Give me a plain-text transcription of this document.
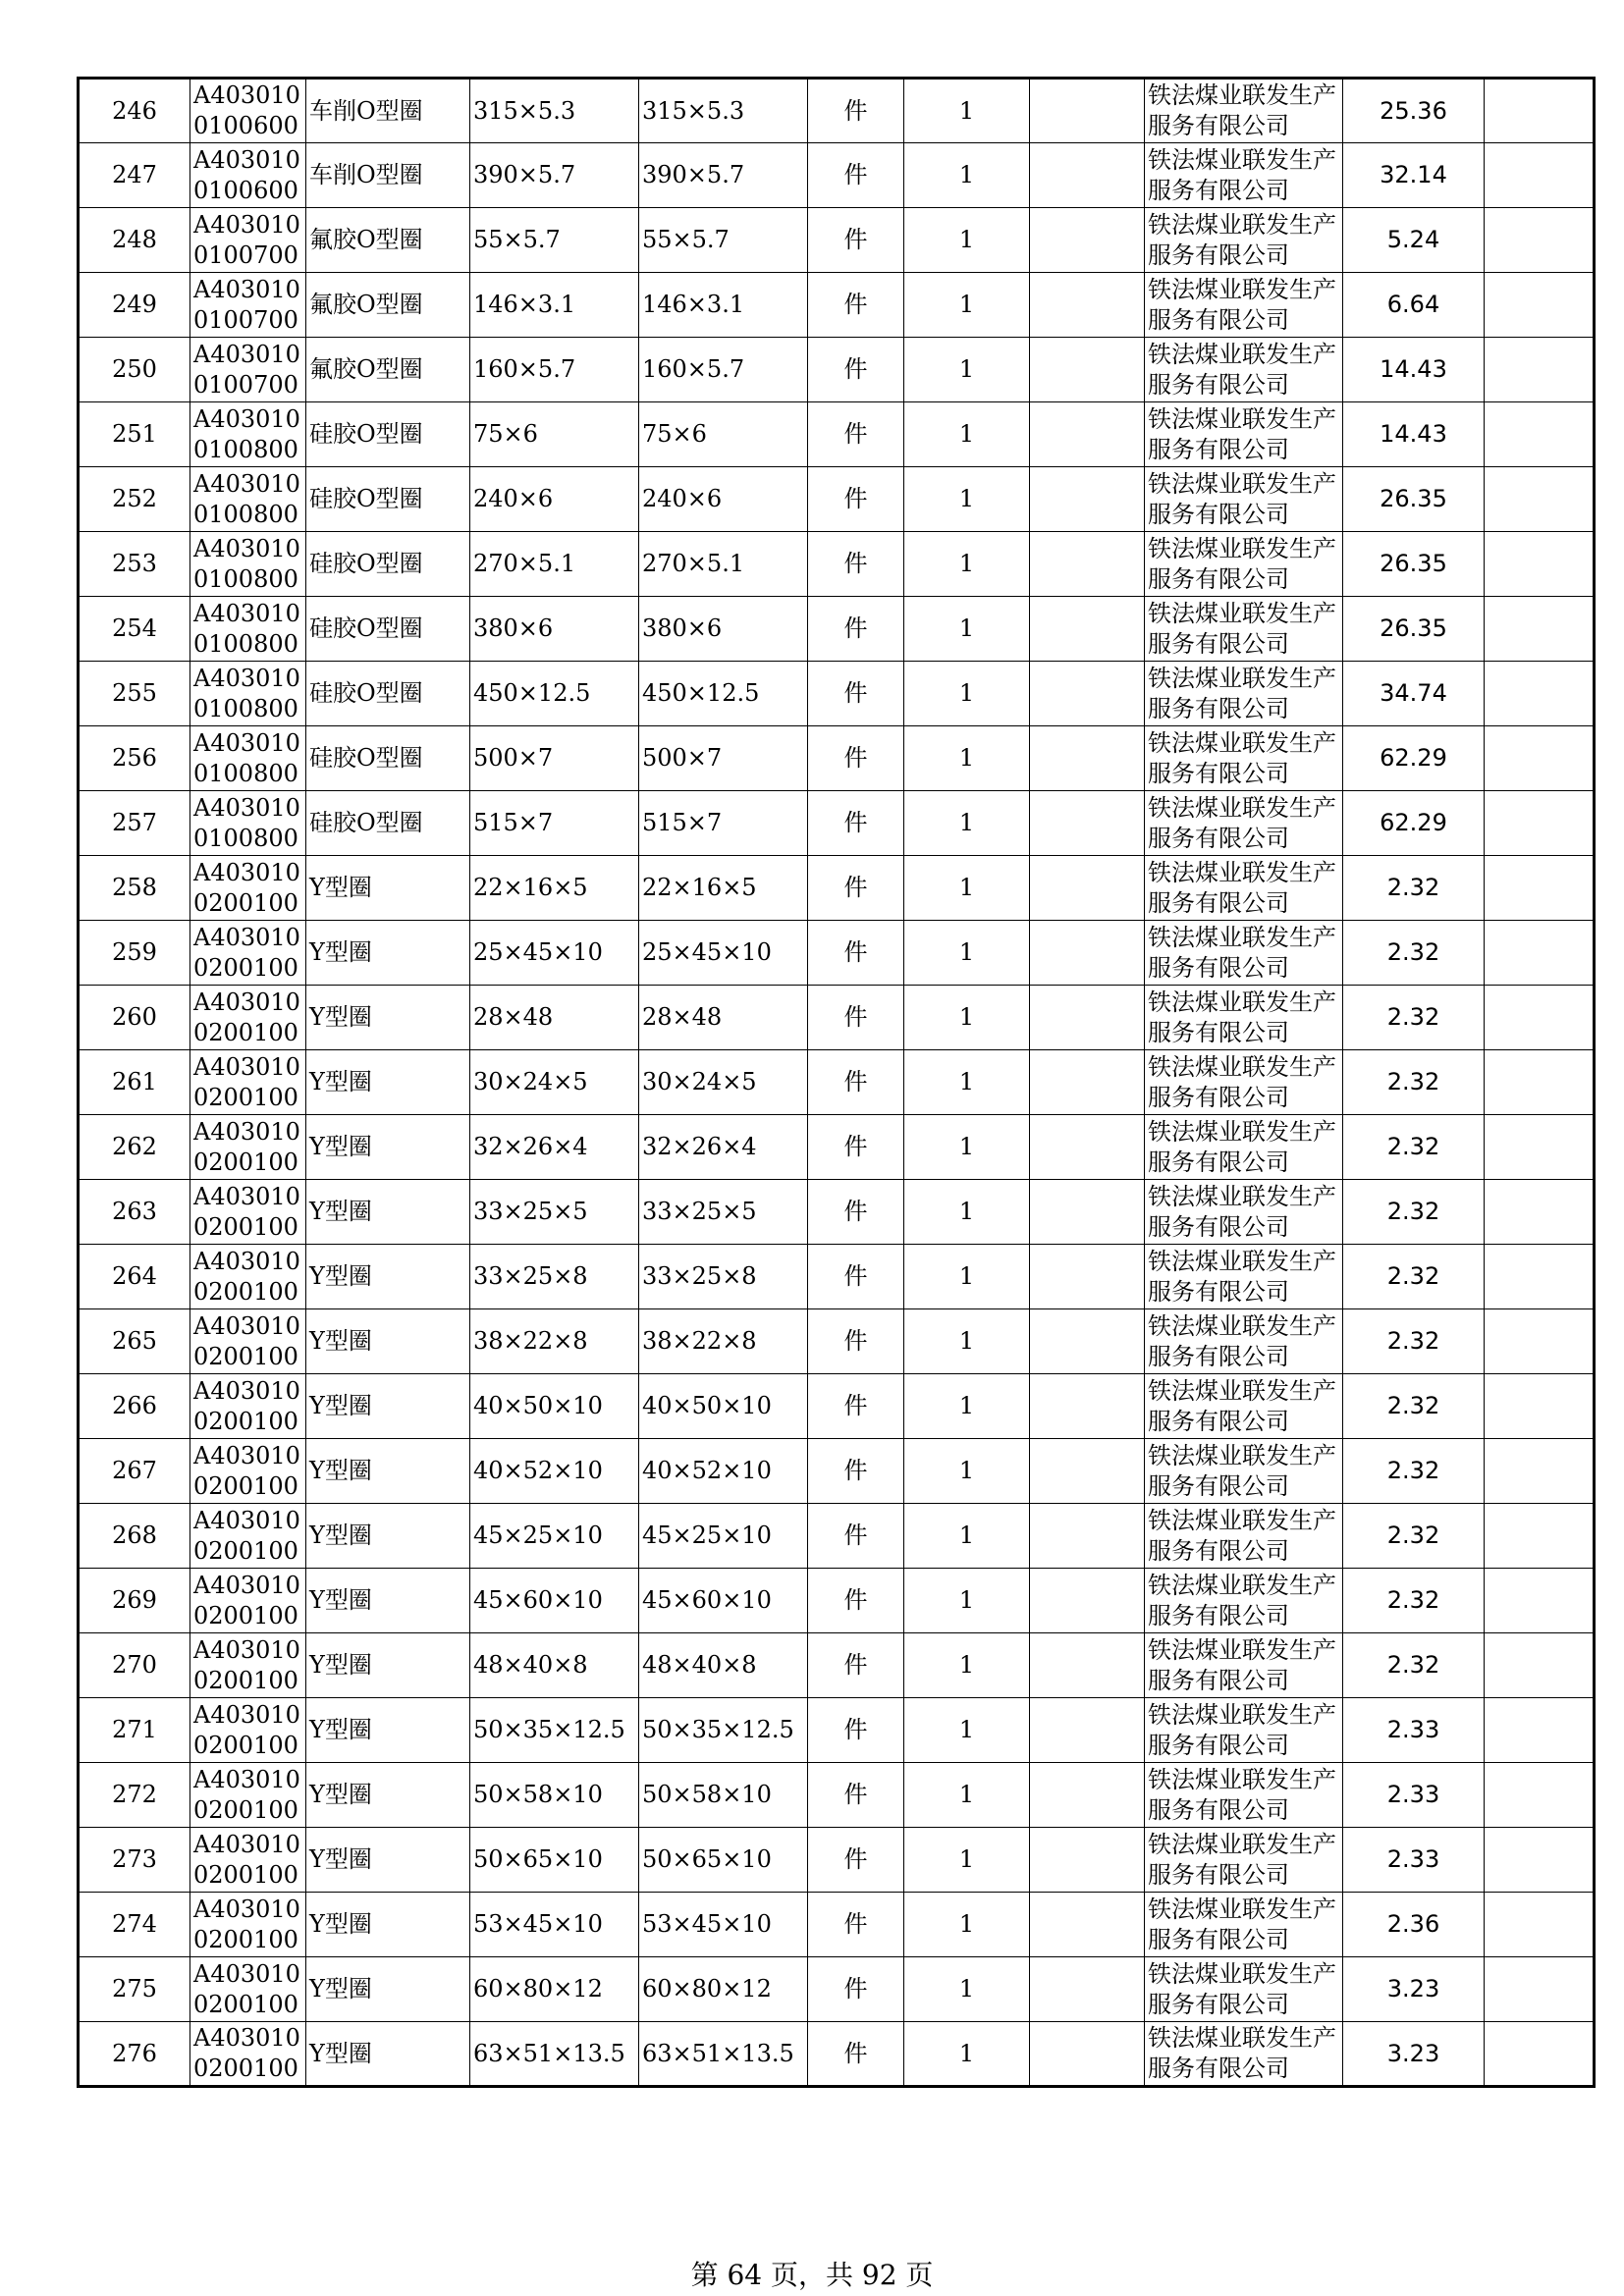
246	A4030100100600	车削O型圈	315×5.3	315×5.3	件	1		铁法煤业联发生产服务有限公司	25.36	
247	A4030100100600	车削O型圈	390×5.7	390×5.7	件	1		铁法煤业联发生产服务有限公司	32.14	
248	A4030100100700	氟胶O型圈	55×5.7	55×5.7	件	1		铁法煤业联发生产服务有限公司	5.24	
249	A4030100100700	氟胶O型圈	146×3.1	146×3.1	件	1		铁法煤业联发生产服务有限公司	6.64	
250	A4030100100700	氟胶O型圈	160×5.7	160×5.7	件	1		铁法煤业联发生产服务有限公司	14.43	
251	A4030100100800	硅胶O型圈	75×6	75×6	件	1		铁法煤业联发生产服务有限公司	14.43	
252	A4030100100800	硅胶O型圈	240×6	240×6	件	1		铁法煤业联发生产服务有限公司	26.35	
253	A4030100100800	硅胶O型圈	270×5.1	270×5.1	件	1		铁法煤业联发生产服务有限公司	26.35	
254	A4030100100800	硅胶O型圈	380×6	380×6	件	1		铁法煤业联发生产服务有限公司	26.35	
255	A4030100100800	硅胶O型圈	450×12.5	450×12.5	件	1		铁法煤业联发生产服务有限公司	34.74	
256	A4030100100800	硅胶O型圈	500×7	500×7	件	1		铁法煤业联发生产服务有限公司	62.29	
257	A4030100100800	硅胶O型圈	515×7	515×7	件	1		铁法煤业联发生产服务有限公司	62.29	
258	A4030100200100	Y型圈	22×16×5	22×16×5	件	1		铁法煤业联发生产服务有限公司	2.32	
259	A4030100200100	Y型圈	25×45×10	25×45×10	件	1		铁法煤业联发生产服务有限公司	2.32	
260	A4030100200100	Y型圈	28×48	28×48	件	1		铁法煤业联发生产服务有限公司	2.32	
261	A4030100200100	Y型圈	30×24×5	30×24×5	件	1		铁法煤业联发生产服务有限公司	2.32	
262	A4030100200100	Y型圈	32×26×4	32×26×4	件	1		铁法煤业联发生产服务有限公司	2.32	
263	A4030100200100	Y型圈	33×25×5	33×25×5	件	1		铁法煤业联发生产服务有限公司	2.32	
264	A4030100200100	Y型圈	33×25×8	33×25×8	件	1		铁法煤业联发生产服务有限公司	2.32	
265	A4030100200100	Y型圈	38×22×8	38×22×8	件	1		铁法煤业联发生产服务有限公司	2.32	
266	A4030100200100	Y型圈	40×50×10	40×50×10	件	1		铁法煤业联发生产服务有限公司	2.32	
267	A4030100200100	Y型圈	40×52×10	40×52×10	件	1		铁法煤业联发生产服务有限公司	2.32	
268	A4030100200100	Y型圈	45×25×10	45×25×10	件	1		铁法煤业联发生产服务有限公司	2.32	
269	A4030100200100	Y型圈	45×60×10	45×60×10	件	1		铁法煤业联发生产服务有限公司	2.32	
270	A4030100200100	Y型圈	48×40×8	48×40×8	件	1		铁法煤业联发生产服务有限公司	2.32	
271	A4030100200100	Y型圈	50×35×12.5	50×35×12.5	件	1		铁法煤业联发生产服务有限公司	2.33	
272	A4030100200100	Y型圈	50×58×10	50×58×10	件	1		铁法煤业联发生产服务有限公司	2.33	
273	A4030100200100	Y型圈	50×65×10	50×65×10	件	1		铁法煤业联发生产服务有限公司	2.33	
274	A4030100200100	Y型圈	53×45×10	53×45×10	件	1		铁法煤业联发生产服务有限公司	2.36	
275	A4030100200100	Y型圈	60×80×12	60×80×12	件	1		铁法煤业联发生产服务有限公司	3.23	
276	A4030100200100	Y型圈	63×51×13.5	63×51×13.5	件	1		铁法煤业联发生产服务有限公司	3.23	
第 64 页，共 92 页
